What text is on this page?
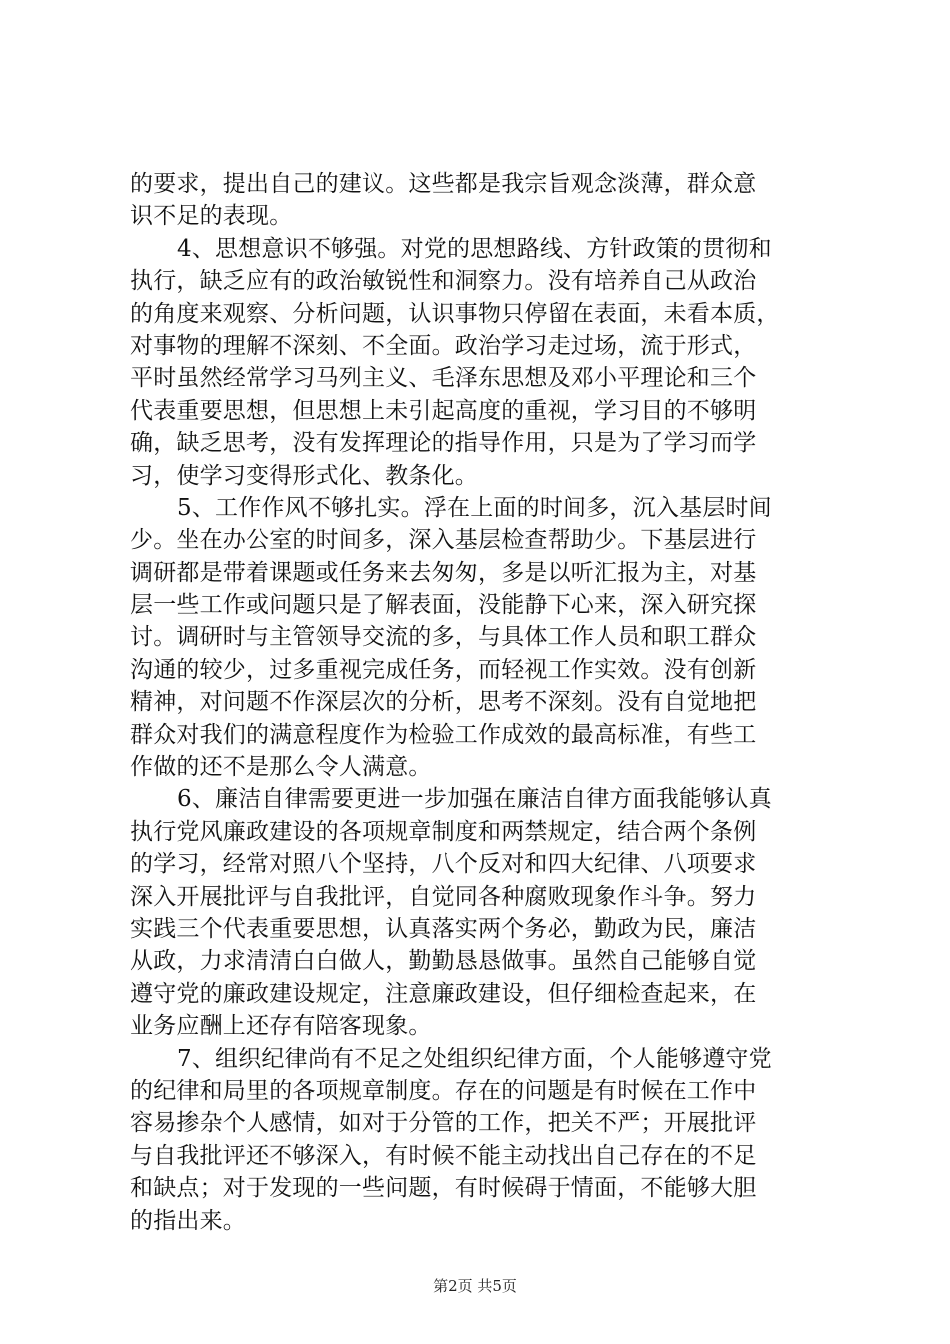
的要求，提出自己的建议。这些都是我宗旨观念淡薄，群众意
识不足的表现。
4、思想意识不够强。对党的思想路线、方针政策的贯彻和
执行，缺乏应有的政治敏锐性和洞察力。没有培养自己从政治
的角度来观察、分析问题，认识事物只停留在表面，未看本质，
对事物的理解不深刻、不全面。政治学习走过场，流于形式，
平时虽然经常学习马列主义、毛泽东思想及邓小平理论和三个
代表重要思想，但思想上未引起高度的重视，学习目的不够明
确，缺乏思考，没有发挥理论的指导作用，只是为了学习而学
习，使学习变得形式化、教条化。
5、工作作风不够扎实。浮在上面的时间多，沉入基层时间
少。坐在办公室的时间多，深入基层检查帮助少。下基层进行
调研都是带着课题或任务来去匆匆，多是以听汇报为主，对基
层一些工作或问题只是了解表面，没能静下心来，深入研究探
讨。调研时与主管领导交流的多，与具体工作人员和职工群众
沟通的较少，过多重视完成任务，而轻视工作实效。没有创新
精神，对问题不作深层次的分析，思考不深刻。没有自觉地把
群众对我们的满意程度作为检验工作成效的最高标准，有些工
作做的还不是那么令人满意。
6、廉洁自律需要更进一步加强在廉洁自律方面我能够认真
执行党风廉政建设的各项规章制度和两禁规定，结合两个条例
的学习，经常对照八个坚持，八个反对和四大纪律、八项要求
深入开展批评与自我批评，自觉同各种腐败现象作斗争。努力
实践三个代表重要思想，认真落实两个务必，勤政为民，廉洁
从政，力求清清白白做人，勤勤恳恳做事。虽然自己能够自觉
遵守党的廉政建设规定，注意廉政建设，但仔细检查起来，在
业务应酬上还存有陪客现象。
7、组织纪律尚有不足之处组织纪律方面，个人能够遵守党
的纪律和局里的各项规章制度。存在的问题是有时候在工作中
容易掺杂个人感情，如对于分管的工作，把关不严；开展批评
与自我批评还不够深入，有时候不能主动找出自己存在的不足
和缺点；对于发现的一些问题，有时候碍于情面，不能够大胆
的指出来。
第2页 共5页
